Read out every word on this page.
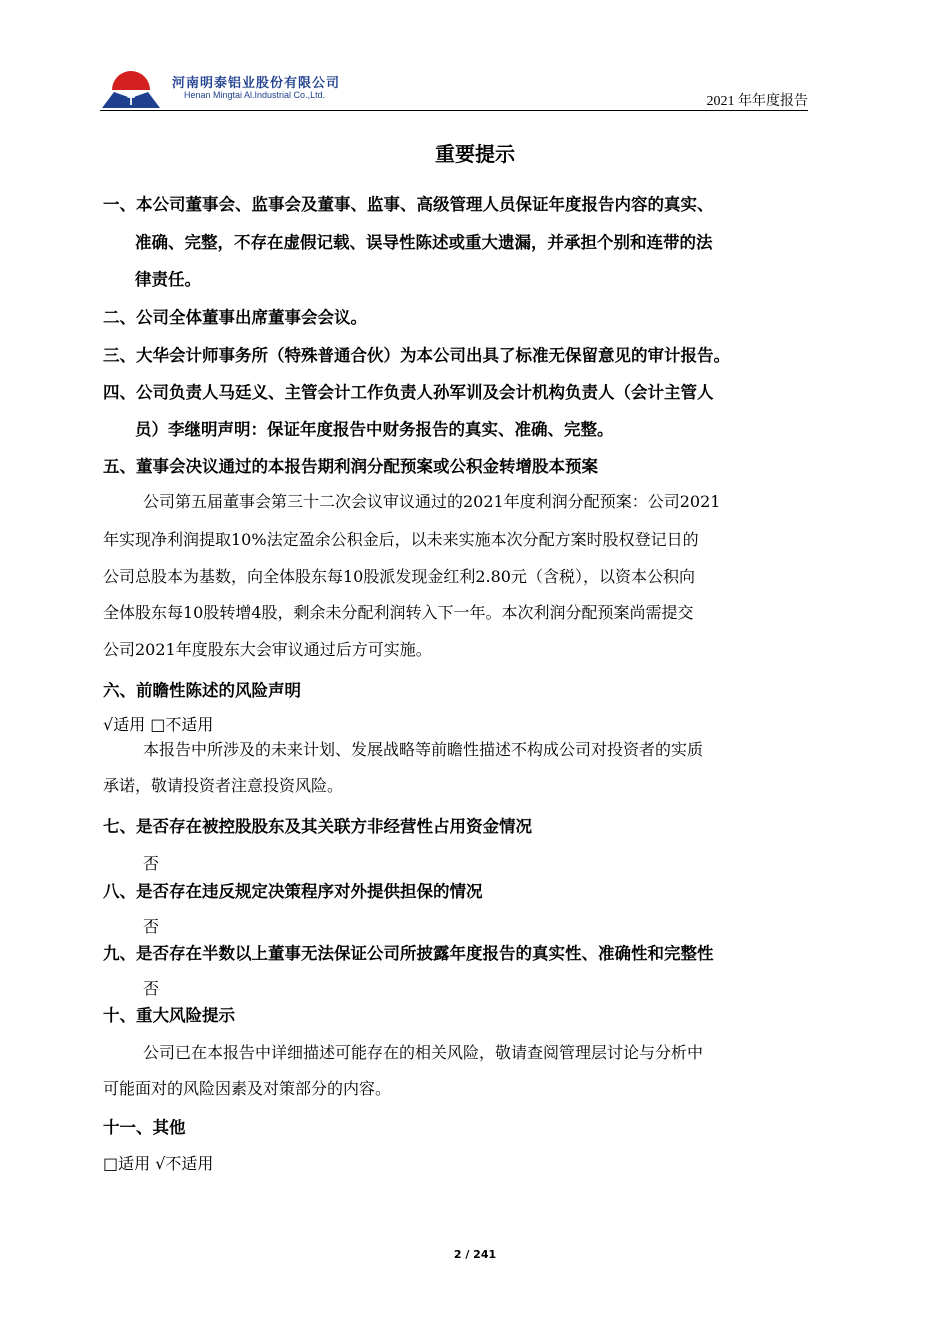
T
河南明泰铝业股份有限公司
Henan Mingtai Al.Industrial Co.,Ltd.	2021 年年度报告
重要提示
一、本公司董事会、监事会及董事、监事、高级管理人员保证年度报告内容的真实、
准确、完整，不存在虚假记载、误导性陈述或重大遗漏，并承担个别和连带的法
律责任。
二、公司全体董事出席董事会会议。
三、大华会计师事务所（特殊普通合伙）为本公司出具了标准无保留意见的审计报告。
四、公司负责人马廷义、主管会计工作负责人孙军训及会计机构负责人（会计主管人
员）李继明声明：保证年度报告中财务报告的真实、准确、完整。
五、董事会决议通过的本报告期利润分配预案或公积金转增股本预案
公司第五届董事会第三十二次会议审议通过的2021年度利润分配预案：公司2021
年实现净利润提取10%法定盈余公积金后，以未来实施本次分配方案时股权登记日的
公司总股本为基数，向全体股东每10股派发现金红利2.80元（含税），以资本公积向
全体股东每10股转增4股，剩余未分配利润转入下一年。本次利润分配预案尚需提交
公司2021年度股东大会审议通过后方可实施。
六、前瞻性陈述的风险声明
√适用 □不适用
本报告中所涉及的未来计划、发展战略等前瞻性描述不构成公司对投资者的实质
承诺，敬请投资者注意投资风险。
七、是否存在被控股股东及其关联方非经营性占用资金情况
否
八、是否存在违反规定决策程序对外提供担保的情况
否
九、是否存在半数以上董事无法保证公司所披露年度报告的真实性、准确性和完整性
否
十、重大风险提示
公司已在本报告中详细描述可能存在的相关风险，敬请查阅管理层讨论与分析中
可能面对的风险因素及对策部分的内容。
十一、其他
□适用 √不适用
2 / 241
